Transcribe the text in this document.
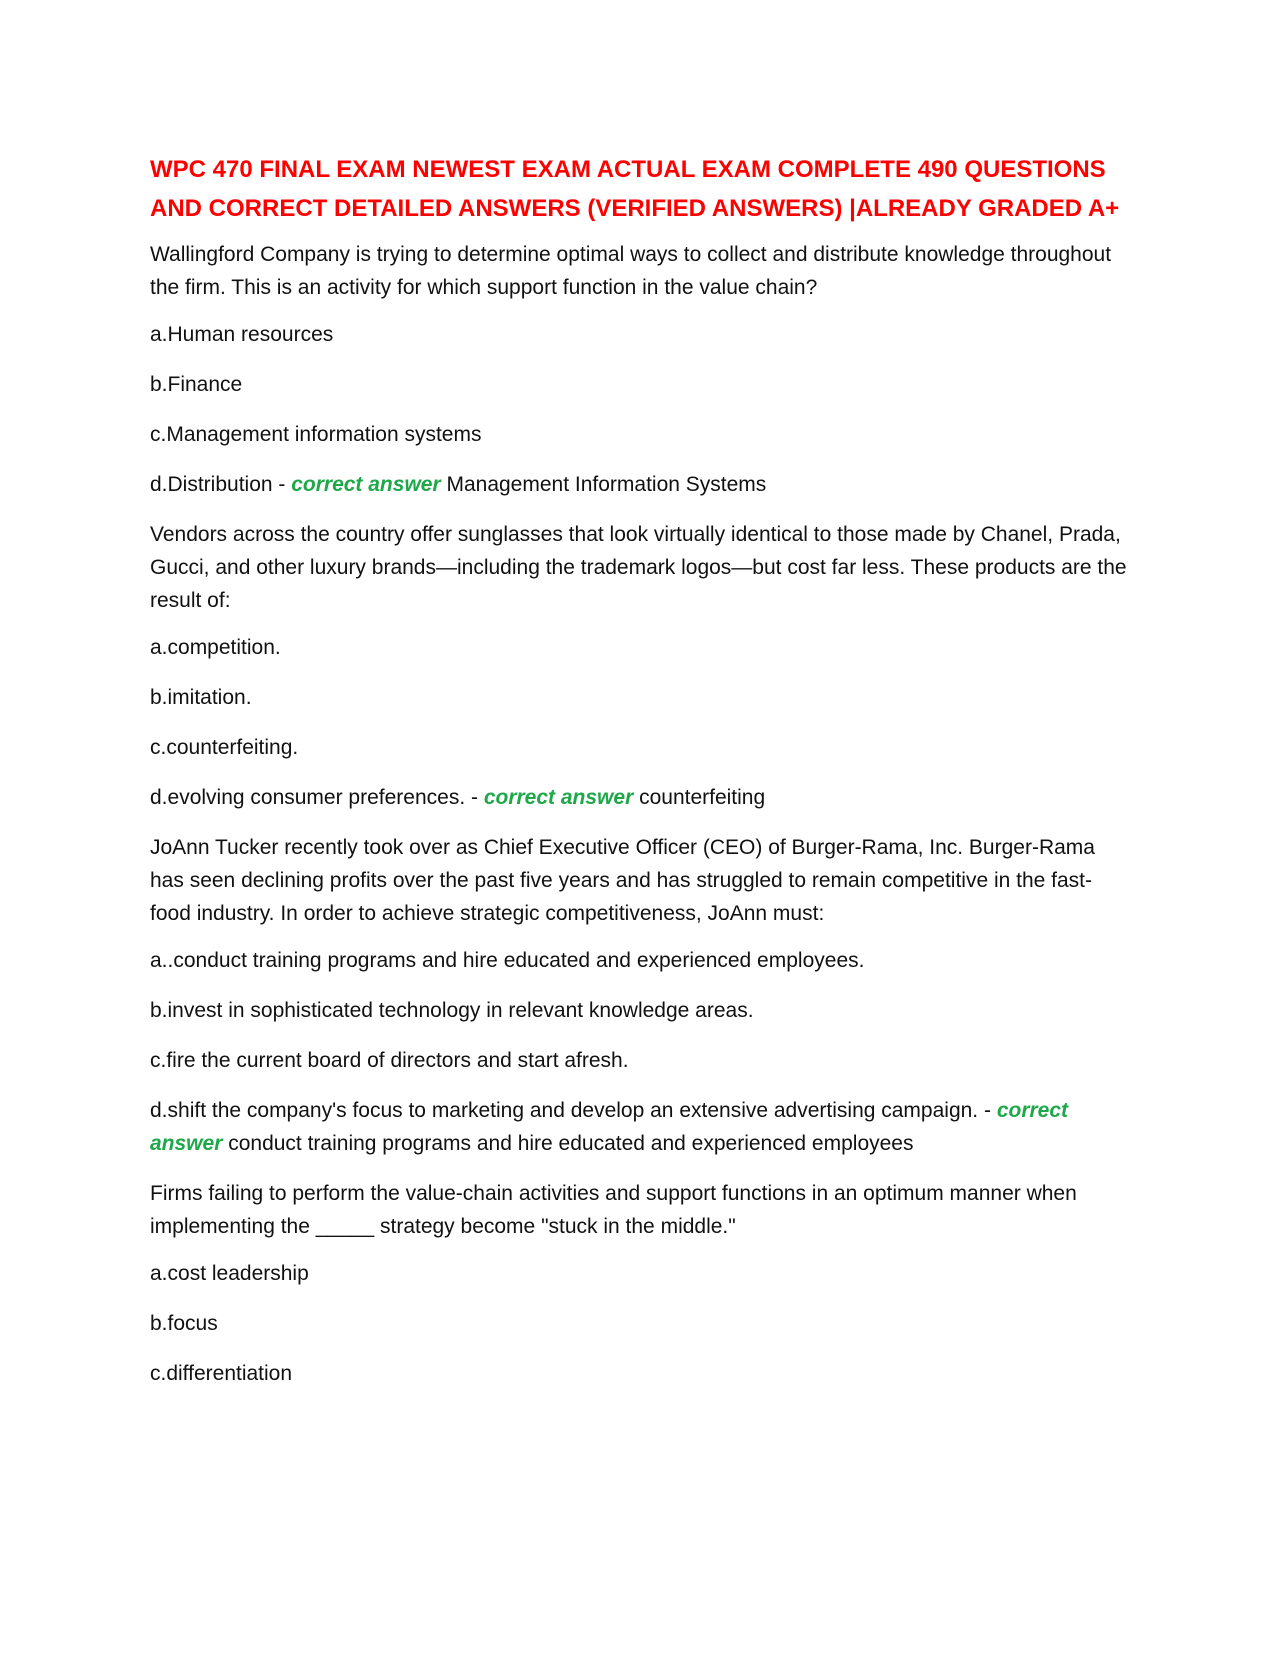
WPC 470 FINAL EXAM NEWEST EXAM ACTUAL EXAM COMPLETE 490 QUESTIONS AND CORRECT DETAILED ANSWERS (VERIFIED ANSWERS) |ALREADY GRADED A+
Wallingford Company is trying to determine optimal ways to collect and distribute knowledge throughout the firm. This is an activity for which support function in the value chain?
a.Human resources
b.Finance
c.Management information systems
d.Distribution - correct answer Management Information Systems
Vendors across the country offer sunglasses that look virtually identical to those made by Chanel, Prada, Gucci, and other luxury brands—including the trademark logos—but cost far less. These products are the result of:
a.competition.
b.imitation.
c.counterfeiting.
d.evolving consumer preferences. - correct answer counterfeiting
JoAnn Tucker recently took over as Chief Executive Officer (CEO) of Burger-Rama, Inc. Burger-Rama has seen declining profits over the past five years and has struggled to remain competitive in the fast-food industry. In order to achieve strategic competitiveness, JoAnn must:
a..conduct training programs and hire educated and experienced employees.
b.invest in sophisticated technology in relevant knowledge areas.
c.fire the current board of directors and start afresh.
d.shift the company's focus to marketing and develop an extensive advertising campaign. - correct answer conduct training programs and hire educated and experienced employees
Firms failing to perform the value-chain activities and support functions in an optimum manner when implementing the _____ strategy become "stuck in the middle."
a.cost leadership
b.focus
c.differentiation
